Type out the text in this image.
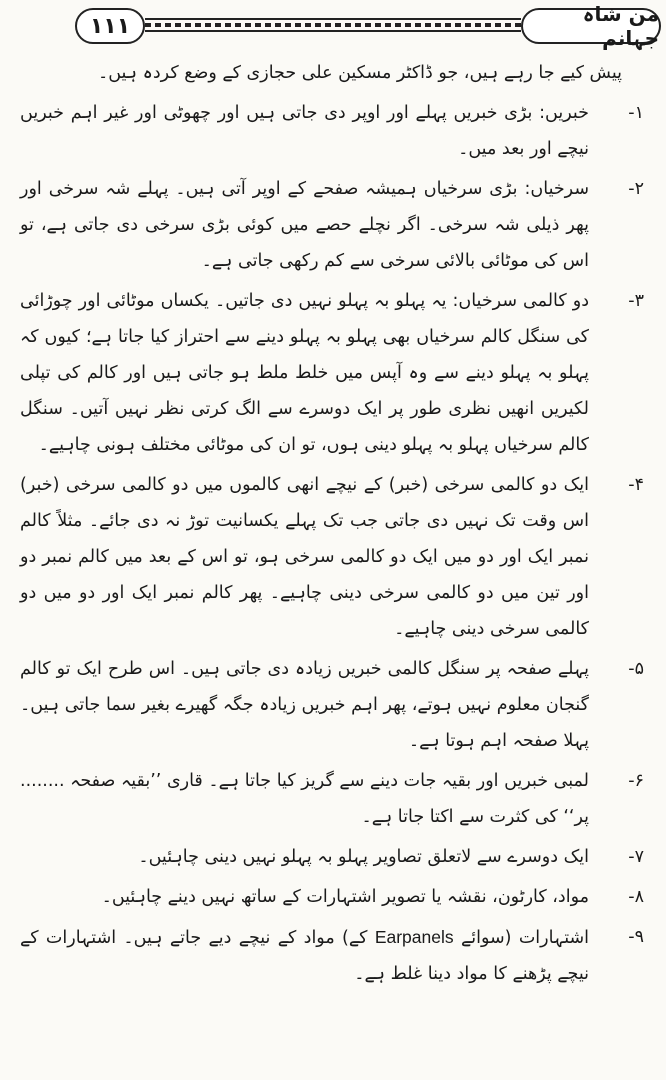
١١١	من شاہ جہانم
پیش کیے جا رہے ہیں، جو ڈاکٹر مسکین علی حجازی کے وضع کردہ ہیں۔
۱-
خبریں: بڑی خبریں پہلے اور اوپر دی جاتی ہیں اور چھوٹی اور غیر اہم خبریں نیچے اور بعد میں۔
۲-
سرخیاں: بڑی سرخیاں ہمیشہ صفحے کے اوپر آتی ہیں۔ پہلے شہ سرخی اور پھر ذیلی شہ سرخی۔ اگر نچلے حصے میں کوئی بڑی سرخی دی جاتی ہے، تو اس کی موٹائی بالائی سرخی سے کم رکھی جاتی ہے۔
۳-
دو کالمی سرخیاں: یہ پہلو بہ پہلو نہیں دی جاتیں۔ یکساں موٹائی اور چوڑائی کی سنگل کالم سرخیاں بھی پہلو بہ پہلو دینے سے احتراز کیا جاتا ہے؛ کیوں کہ پہلو بہ پہلو دینے سے وہ آپس میں خلط ملط ہو جاتی ہیں اور کالم کی تپلی لکیریں انھیں نظری طور پر ایک دوسرے سے الگ کرتی نظر نہیں آتیں۔ سنگل کالم سرخیاں پہلو بہ پہلو دینی ہوں، تو ان کی موٹائی مختلف ہونی چاہیے۔
۴-
ایک دو کالمی سرخی (خبر) کے نیچے انھی کالموں میں دو کالمی سرخی (خبر) اس وقت تک نہیں دی جاتی جب تک پہلے یکسانیت توڑ نہ دی جائے۔ مثلاً کالم نمبر ایک اور دو میں ایک دو کالمی سرخی ہو، تو اس کے بعد میں کالم نمبر دو اور تین میں دو کالمی سرخی دینی چاہیے۔ پھر کالم نمبر ایک اور دو میں دو کالمی سرخی دینی چاہیے۔
۵-
پہلے صفحہ پر سنگل کالمی خبریں زیادہ دی جاتی ہیں۔ اس طرح ایک تو کالم گنجان معلوم نہیں ہوتے، پھر اہم خبریں زیادہ جگہ گھیرے بغیر سما جاتی ہیں۔ پہلا صفحہ اہم ہوتا ہے۔
۶-
لمبی خبریں اور بقیہ جات دینے سے گریز کیا جاتا ہے۔ قاری ’’بقیہ صفحہ ........ پر‘‘ کی کثرت سے اکتا جاتا ہے۔
۷-
ایک دوسرے سے لاتعلق تصاویر پہلو بہ پہلو نہیں دینی چاہئیں۔
۸-
مواد، کارٹون، نقشہ یا تصویر اشتہارات کے ساتھ نہیں دینے چاہئیں۔
۹-
اشتہارات (سوائے Earpanels کے) مواد کے نیچے دیے جاتے ہیں۔ اشتہارات کے نیچے پڑھنے کا مواد دینا غلط ہے۔
